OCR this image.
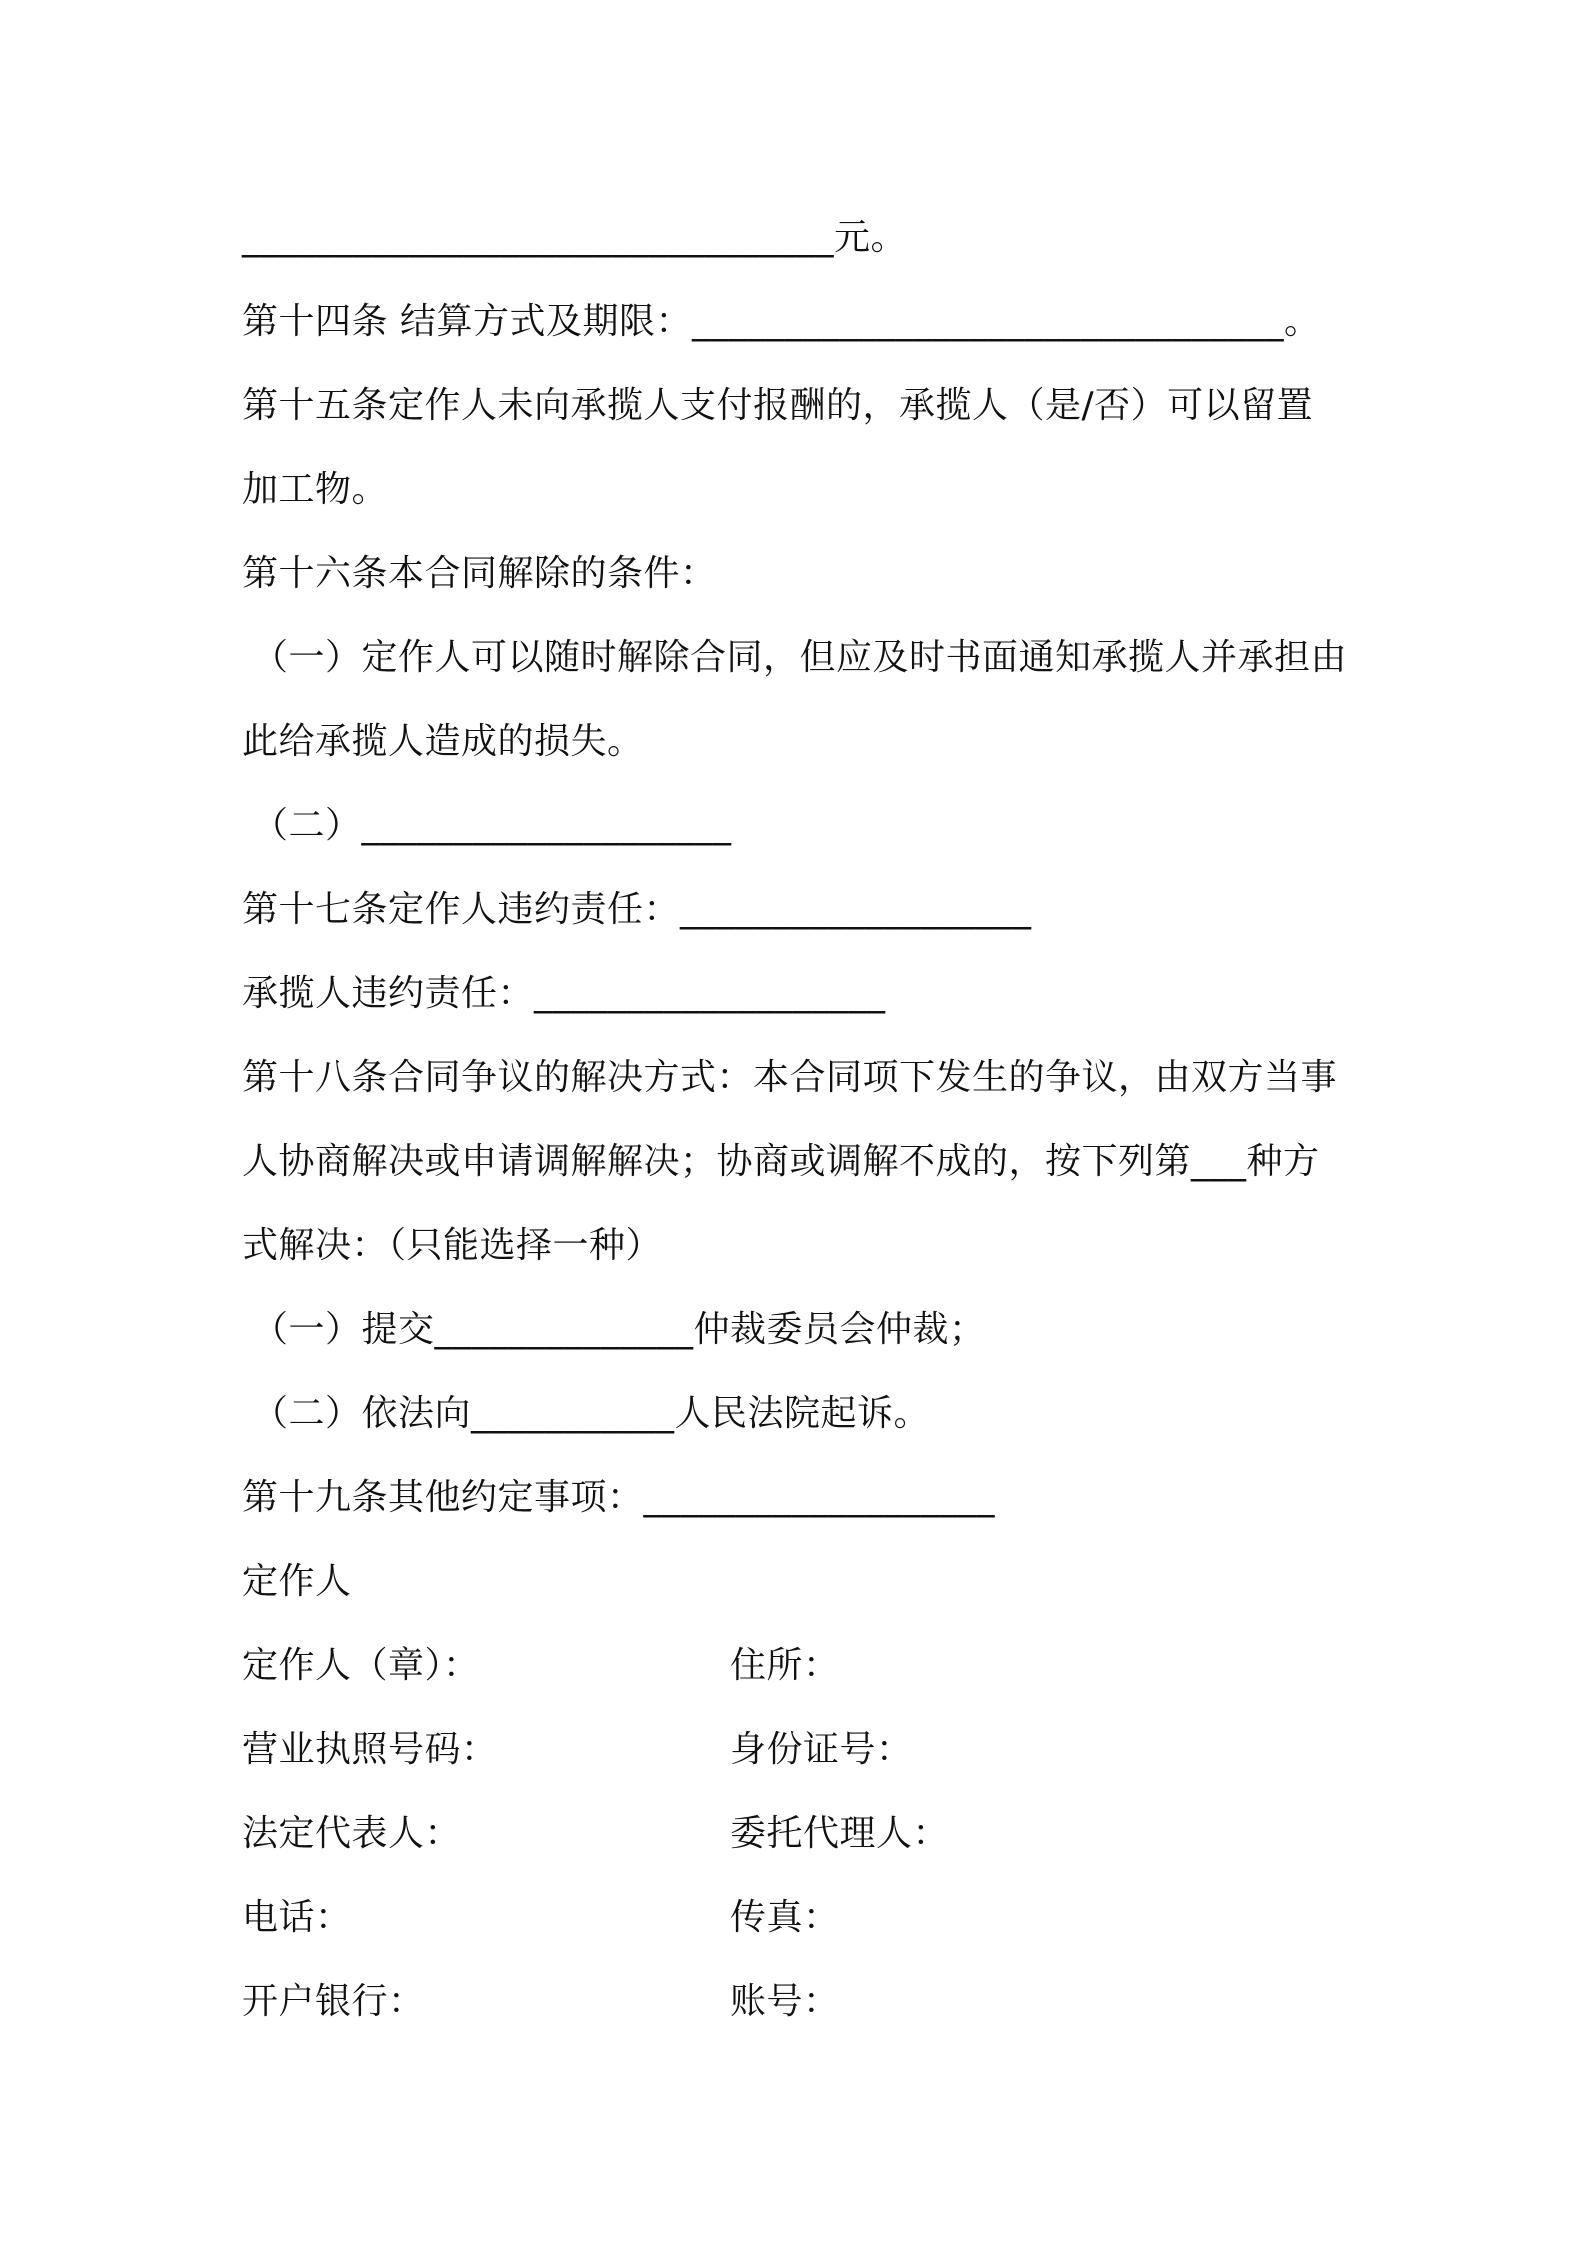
________________________________元。
第十四条 结算方式及期限：________________________________。
第十五条定作人未向承揽人支付报酬的，承揽人（是/否）可以留置
加工物。
第十六条本合同解除的条件：
（一）定作人可以随时解除合同，但应及时书面通知承揽人并承担由
此给承揽人造成的损失。
（二）____________________
第十七条定作人违约责任：___________________
承揽人违约责任：___________________
第十八条合同争议的解决方式：本合同项下发生的争议，由双方当事
人协商解决或申请调解解决；协商或调解不成的，按下列第___种方
式解决：（只能选择一种）
（一）提交______________仲裁委员会仲裁；
（二）依法向___________人民法院起诉。
第十九条其他约定事项：___________________
定作人
定作人（章）：	住所：
营业执照号码：	身份证号：
法定代表人：	委托代理人：
电话：	传真：
开户银行：	账号：
